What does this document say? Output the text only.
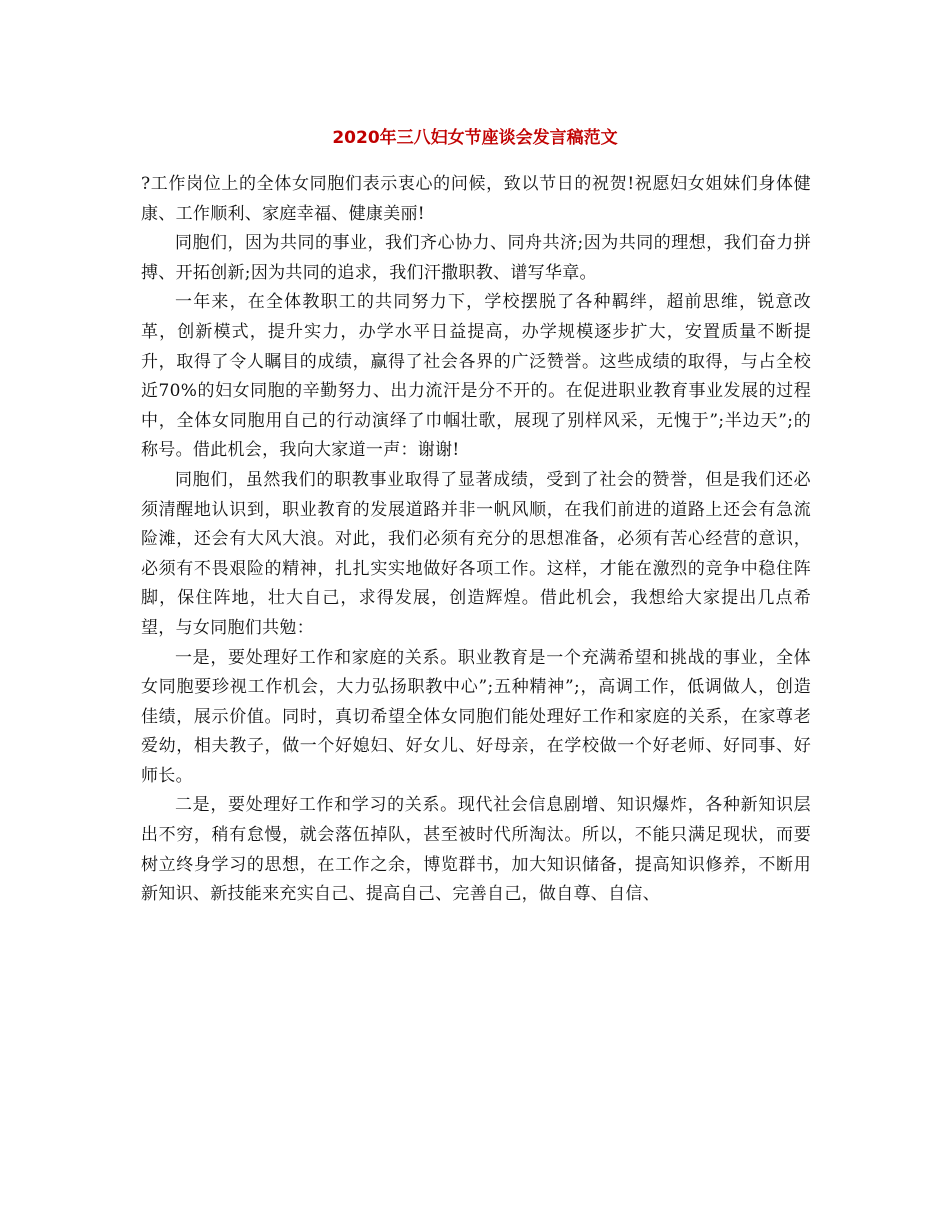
2020年三八妇女节座谈会发言稿范文

?工作岗位上的全体女同胞们表示衷心的问候，致以节日的祝贺!祝愿妇女姐妹们身体健康、工作顺利、家庭幸福、健康美丽!

同胞们，因为共同的事业，我们齐心协力、同舟共济;因为共同的理想，我们奋力拼搏、开拓创新;因为共同的追求，我们汗撒职教、谱写华章。

一年来，在全体教职工的共同努力下，学校摆脱了各种羁绊，超前思维，锐意改革，创新模式，提升实力，办学水平日益提高，办学规模逐步扩大，安置质量不断提升，取得了令人瞩目的成绩，赢得了社会各界的广泛赞誉。这些成绩的取得，与占全校近70%的妇女同胞的辛勤努力、出力流汗是分不开的。在促进职业教育事业发展的过程中，全体女同胞用自己的行动演绎了巾帼壮歌，展现了别样风采，无愧于”;半边天”;的称号。借此机会，我向大家道一声：谢谢!

同胞们，虽然我们的职教事业取得了显著成绩，受到了社会的赞誉，但是我们还必须清醒地认识到，职业教育的发展道路并非一帆风顺，在我们前进的道路上还会有急流险滩，还会有大风大浪。对此，我们必须有充分的思想准备，必须有苦心经营的意识，必须有不畏艰险的精神，扎扎实实地做好各项工作。这样，才能在激烈的竞争中稳住阵脚，保住阵地，壮大自己，求得发展，创造辉煌。借此机会，我想给大家提出几点希望，与女同胞们共勉：

一是，要处理好工作和家庭的关系。职业教育是一个充满希望和挑战的事业，全体女同胞要珍视工作机会，大力弘扬职教中心”;五种精神”;，高调工作，低调做人，创造佳绩，展示价值。同时，真切希望全体女同胞们能处理好工作和家庭的关系，在家尊老爱幼，相夫教子，做一个好媳妇、好女儿、好母亲，在学校做一个好老师、好同事、好师长。

二是，要处理好工作和学习的关系。现代社会信息剧增、知识爆炸，各种新知识层出不穷，稍有怠慢，就会落伍掉队，甚至被时代所淘汰。所以，不能只满足现状，而要树立终身学习的思想，在工作之余，博览群书，加大知识储备，提高知识修养，不断用新知识、新技能来充实自己、提高自己、完善自己，做自尊、自信、
